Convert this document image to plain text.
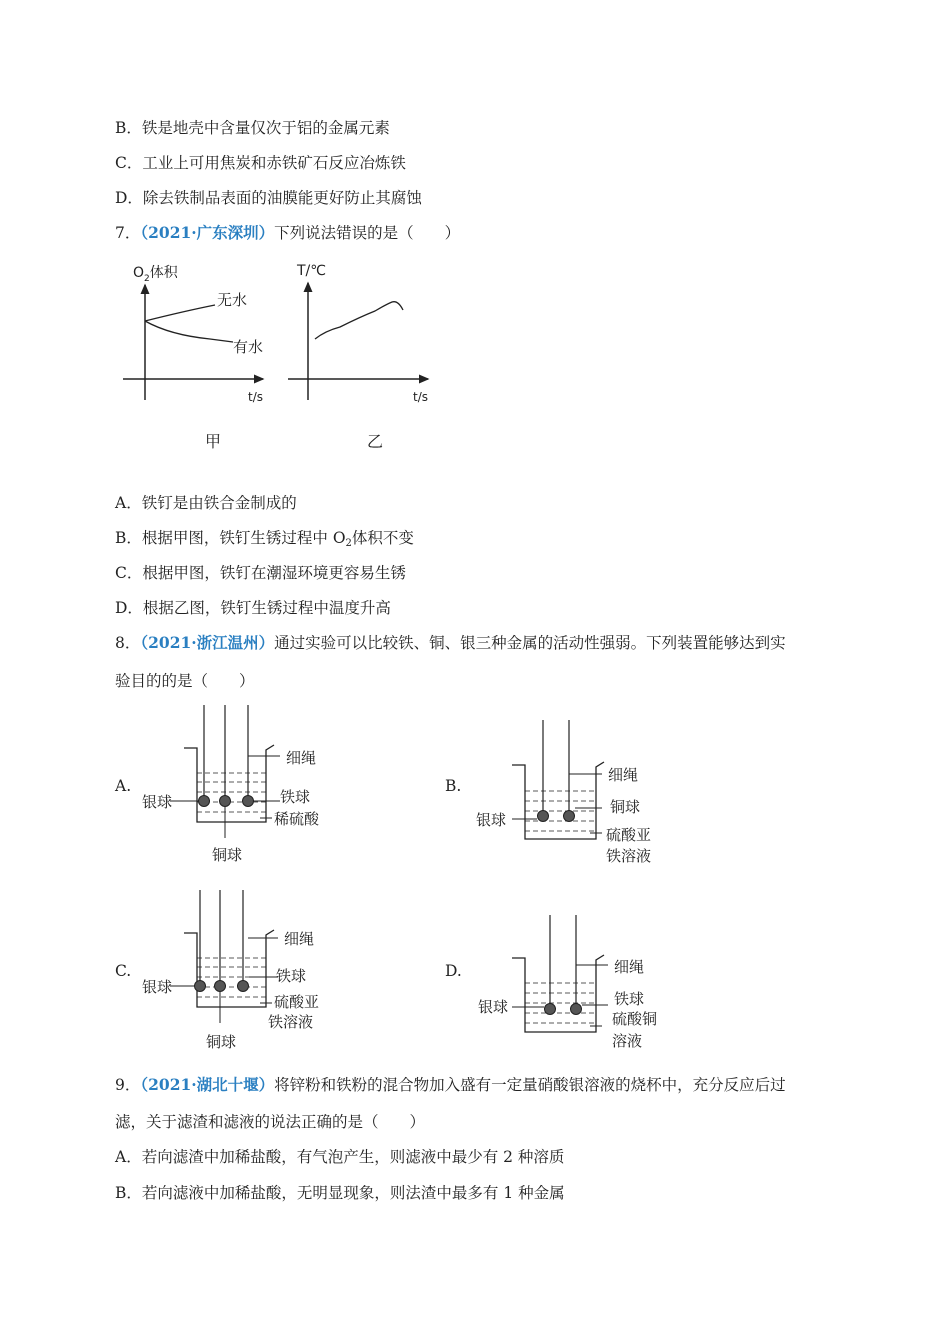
B．铁是地壳中含量仅次于铝的金属元素
C．工业上可用焦炭和赤铁矿石反应冶炼铁
D．除去铁制品表面的油膜能更好防止其腐蚀
7．（2021·广东深圳）下列说法错误的是（　　）
$O_2$体积
无水
有水
t/s
甲
T/℃
t/s
乙
A．铁钉是由铁合金制成的
B．根据甲图，铁钉生锈过程中 $O_2$体积不变
C．根据甲图，铁钉在潮湿环境更容易生锈
D．根据乙图，铁钉生锈过程中温度升高
8．（2021·浙江温州）通过实验可以比较铁、铜、银三种金属的活动性强弱。下列装置能够达到实
验目的的是（　　）
A.
细绳
银球	铁球
稀硫酸
铜球
B.
细绳
银球
铜球
硫酸亚
铁溶液
C.
细绳
银球
铁球
硫酸亚
铁溶液
铜球
D.	细绳
银球	铁球
硫酸铜
溶液
9．（2021·湖北十堰）将锌粉和铁粉的混合物加入盛有一定量硝酸银溶液的烧杯中，充分反应后过
滤，关于滤渣和滤液的说法正确的是（　　）
A．若向滤渣中加稀盐酸，有气泡产生，则滤液中最少有 2 种溶质
B．若向滤液中加稀盐酸，无明显现象，则法渣中最多有 1 种金属
